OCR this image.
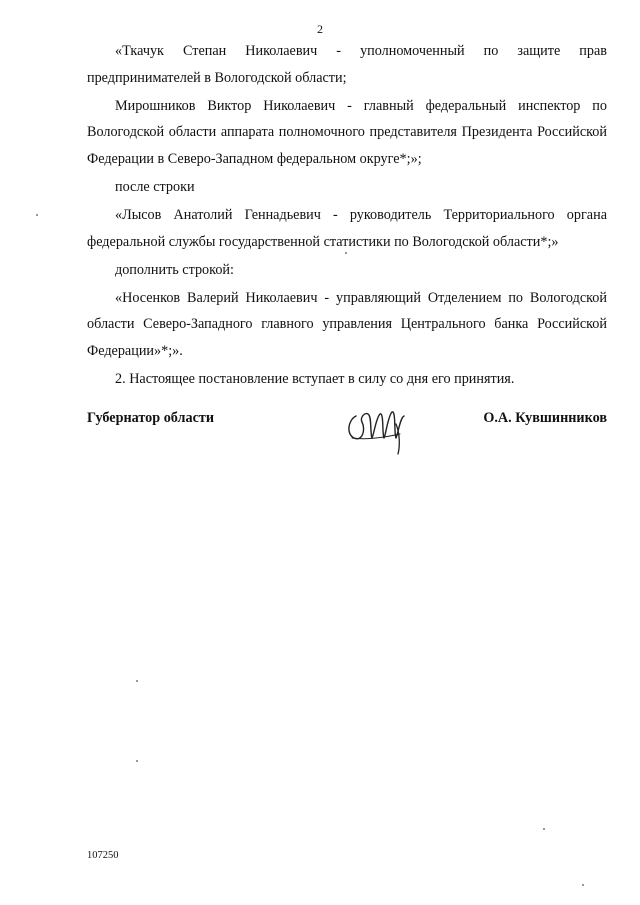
2

«Ткачук Степан Николаевич - уполномоченный по защите прав предпринимателей в Вологодской области;

Мирошников Виктор Николаевич - главный федеральный инспектор по Вологодской области аппарата полномочного представителя Президента Российской Федерации в Северо-Западном федеральном округе*;»;

после строки

«Лысов Анатолий Геннадьевич - руководитель Территориального органа федеральной службы государственной статистики по Вологодской области*;»

дополнить строкой:

«Носенков Валерий Николаевич - управляющий Отделением по Вологодской области Северо-Западного главного управления Центрального банка Российской Федерации»*;».

2. Настоящее постановление вступает в силу со дня его принятия.

Губернатор области	О.А. Кувшинников
107250
